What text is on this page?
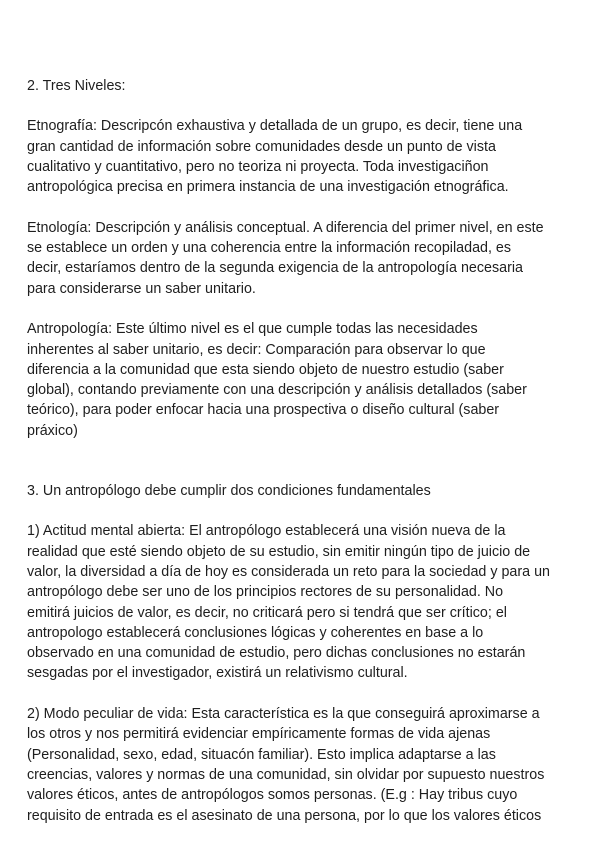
2. Tres Niveles:
Etnografía: Descripcón exhaustiva y detallada de un grupo, es decir, tiene una
gran cantidad de información sobre comunidades desde un punto de vista
cualitativo y cuantitativo, pero no teoriza ni proyecta. Toda investigaciñon
antropológica precisa en primera instancia de una investigación etnográfica.
Etnología: Descripción y análisis conceptual. A diferencia del primer nivel, en este
se establece un orden y una coherencia entre la información recopiladad, es
decir, estaríamos dentro de la segunda exigencia de la antropología necesaria
para considerarse un saber unitario.
Antropología: Este último nivel es el que cumple todas las necesidades
inherentes al saber unitario, es decir: Comparación para observar lo que
diferencia a la comunidad que esta siendo objeto de nuestro estudio (saber
global), contando previamente con una descripción y análisis detallados (saber
teórico), para poder enfocar hacia una prospectiva o diseño cultural (saber
práxico)
3. Un antropólogo debe cumplir dos condiciones fundamentales
1) Actitud mental abierta: El antropólogo establecerá una visión nueva de la
realidad que esté siendo objeto de su estudio, sin emitir ningún tipo de juicio de
valor, la diversidad a día de hoy es considerada un reto para la sociedad y para un
antropólogo debe ser uno de los principios rectores de su personalidad. No
emitirá juicios de valor, es decir, no criticará pero si tendrá que ser crítico; el
antropologo establecerá conclusiones lógicas y coherentes en base a lo
observado en una comunidad de estudio, pero dichas conclusiones no estarán
sesgadas por el investigador, existirá un relativismo cultural.
2) Modo peculiar de vida: Esta característica es la que conseguirá aproximarse a
los otros y nos permitirá evidenciar empíricamente formas de vida ajenas
(Personalidad, sexo, edad, situacón familiar). Esto implica adaptarse a las
creencias, valores y normas de una comunidad, sin olvidar por supuesto nuestros
valores éticos, antes de antropólogos somos personas. (E.g : Hay tribus cuyo
requisito de entrada es el asesinato de una persona, por lo que los valores éticos
